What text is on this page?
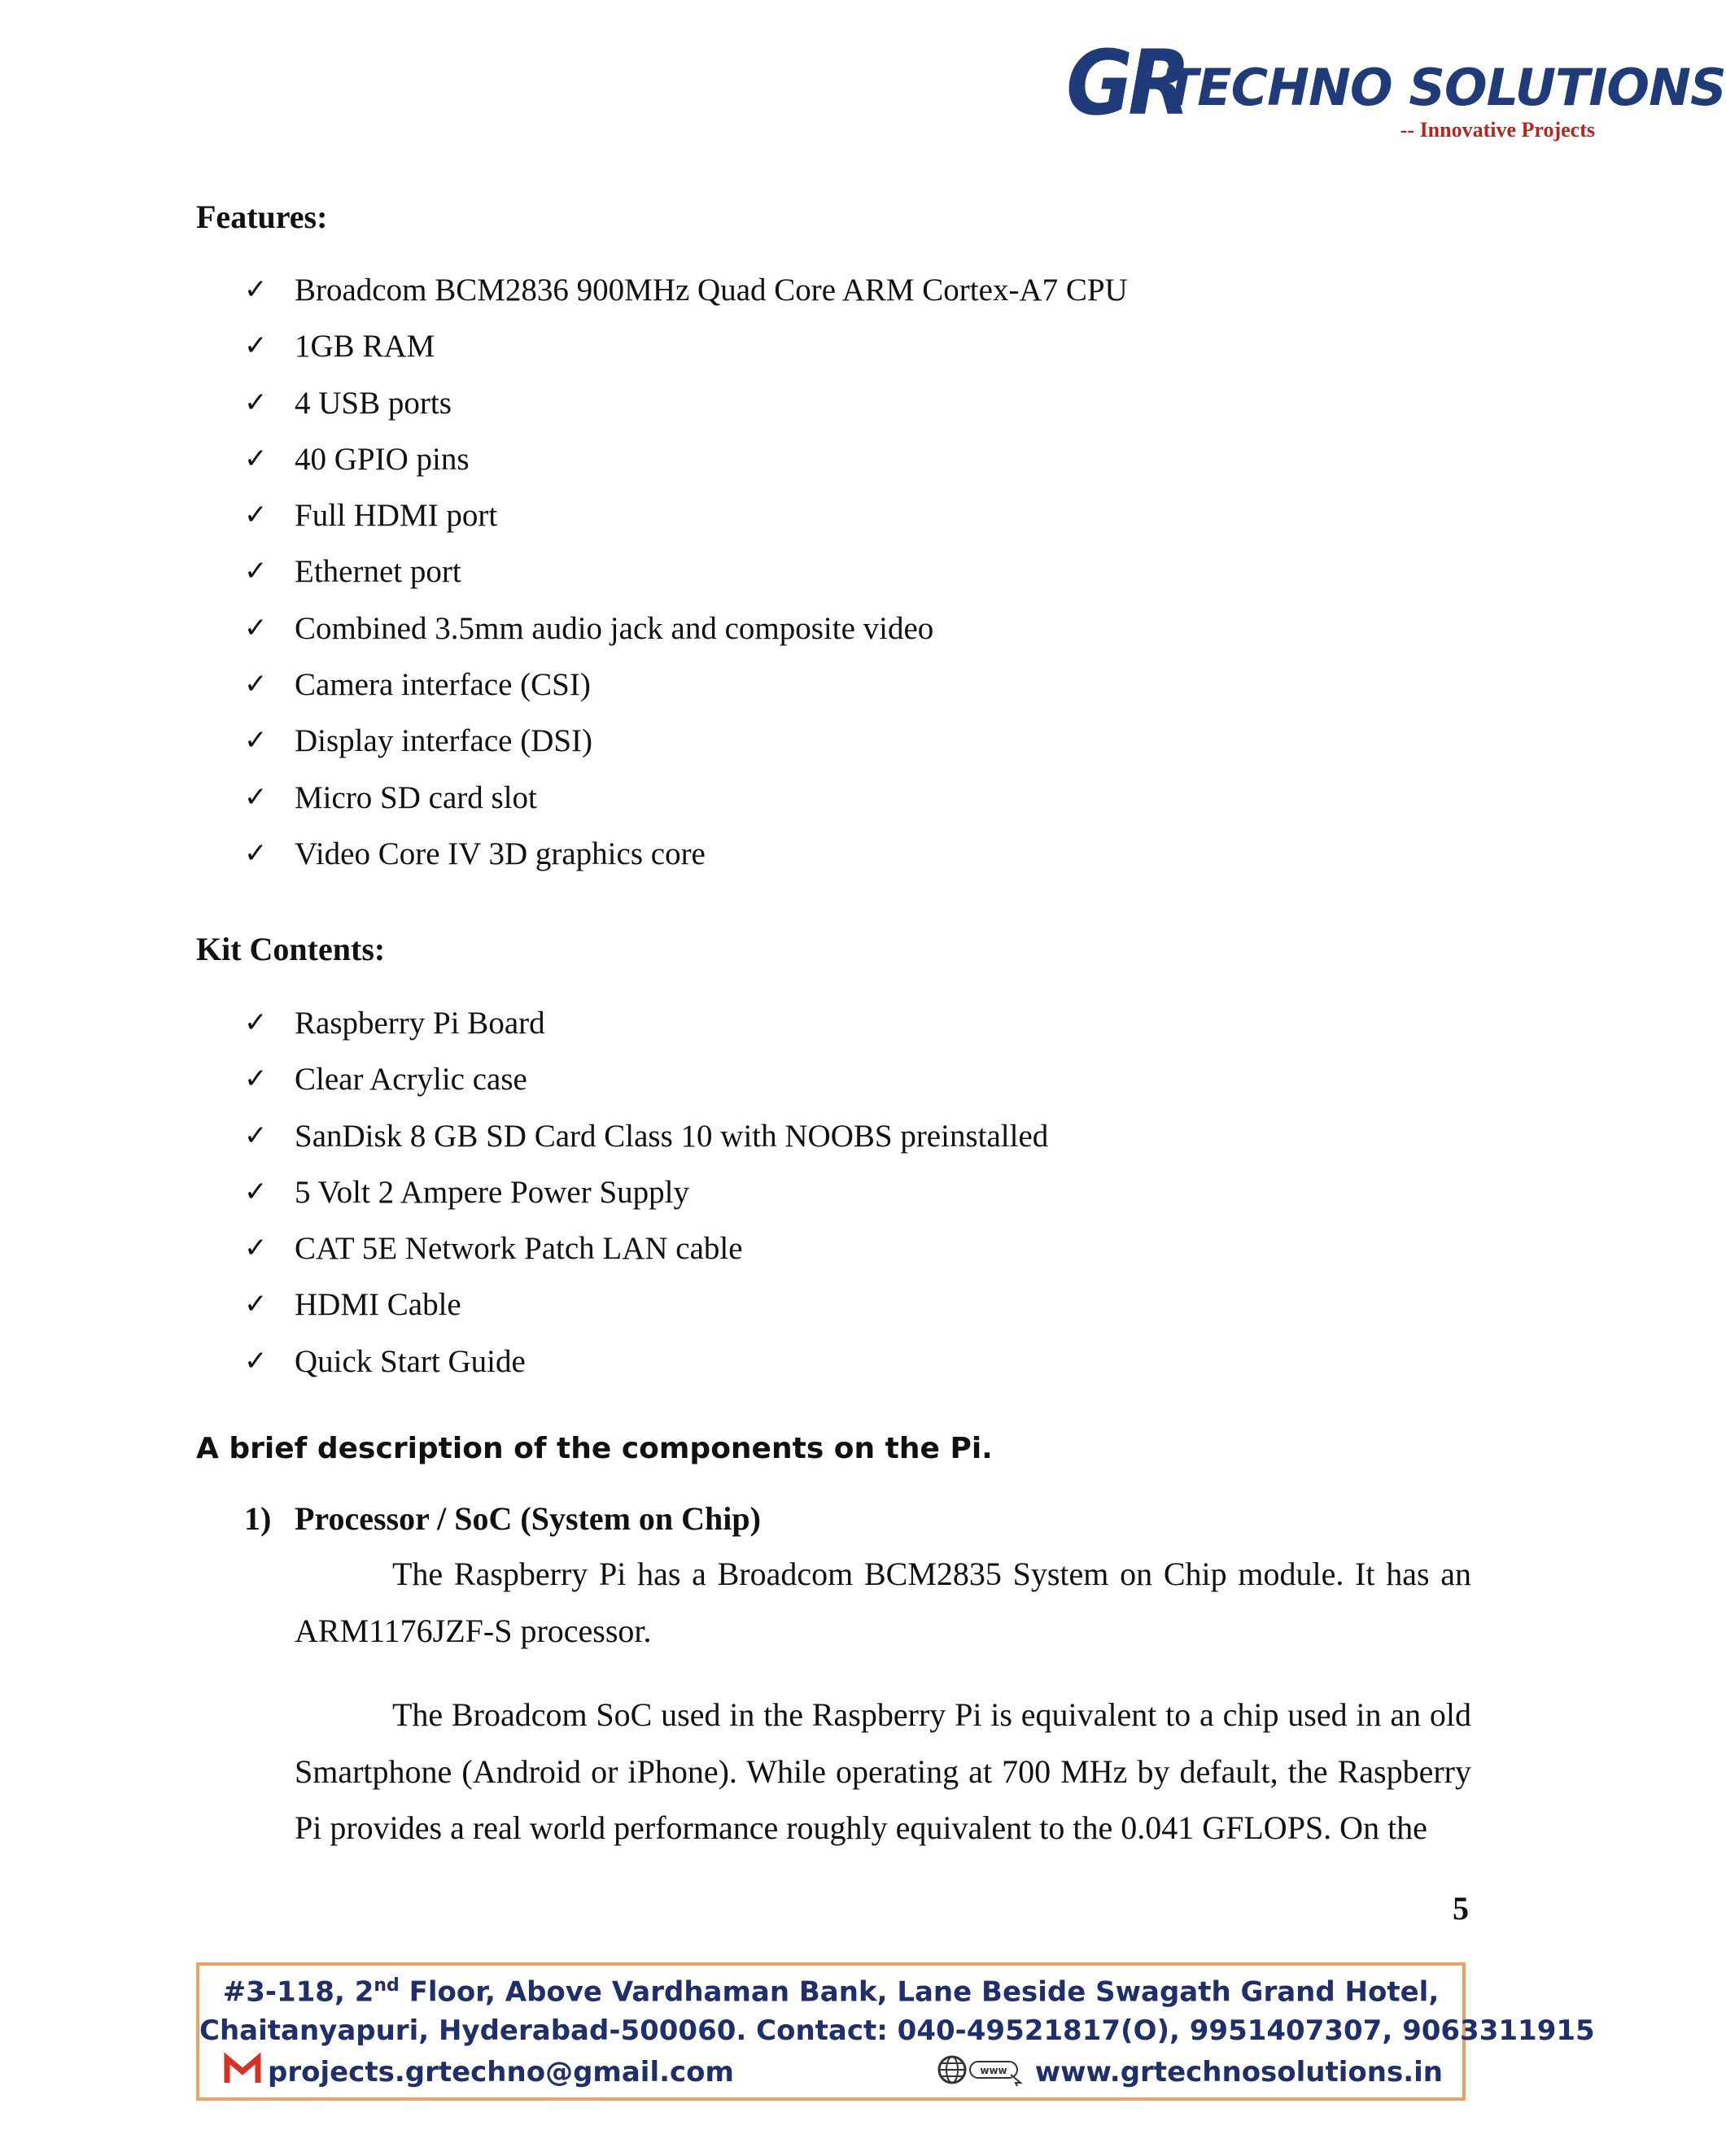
GR
TECHNO SOLUTIONS
-- Innovative Projects
Features:
✓ Broadcom BCM2836 900MHz Quad Core ARM Cortex-A7 CPU
✓ 1GB RAM
✓ 4 USB ports
✓ 40 GPIO pins
✓ Full HDMI port
✓ Ethernet port
✓ Combined 3.5mm audio jack and composite video
✓ Camera interface (CSI)
✓ Display interface (DSI)
✓ Micro SD card slot
✓ Video Core IV 3D graphics core
Kit Contents:
✓ Raspberry Pi Board
✓ Clear Acrylic case
✓ SanDisk 8 GB SD Card Class 10 with NOOBS preinstalled
✓ 5 Volt 2 Ampere Power Supply
✓ CAT 5E Network Patch LAN cable
✓ HDMI Cable
✓ Quick Start Guide
A brief description of the components on the Pi.
1) Processor / SoC (System on Chip)

The Raspberry Pi has a Broadcom BCM2835 System on Chip module. It has an ARM1176JZF-S processor.

The Broadcom SoC used in the Raspberry Pi is equivalent to a chip used in an old Smartphone (Android or iPhone). While operating at 700 MHz by default, the Raspberry Pi provides a real world performance roughly equivalent to the 0.041 GFLOPS. On the

5
#3-118, 2nd Floor, Above Vardhaman Bank, Lane Beside Swagath Grand Hotel,
Chaitanyapuri, Hyderabad-500060. Contact: 040-49521817(O), 9951407307, 9063311915
projects.grtechno@gmail.com	www www.grtechnosolutions.in
